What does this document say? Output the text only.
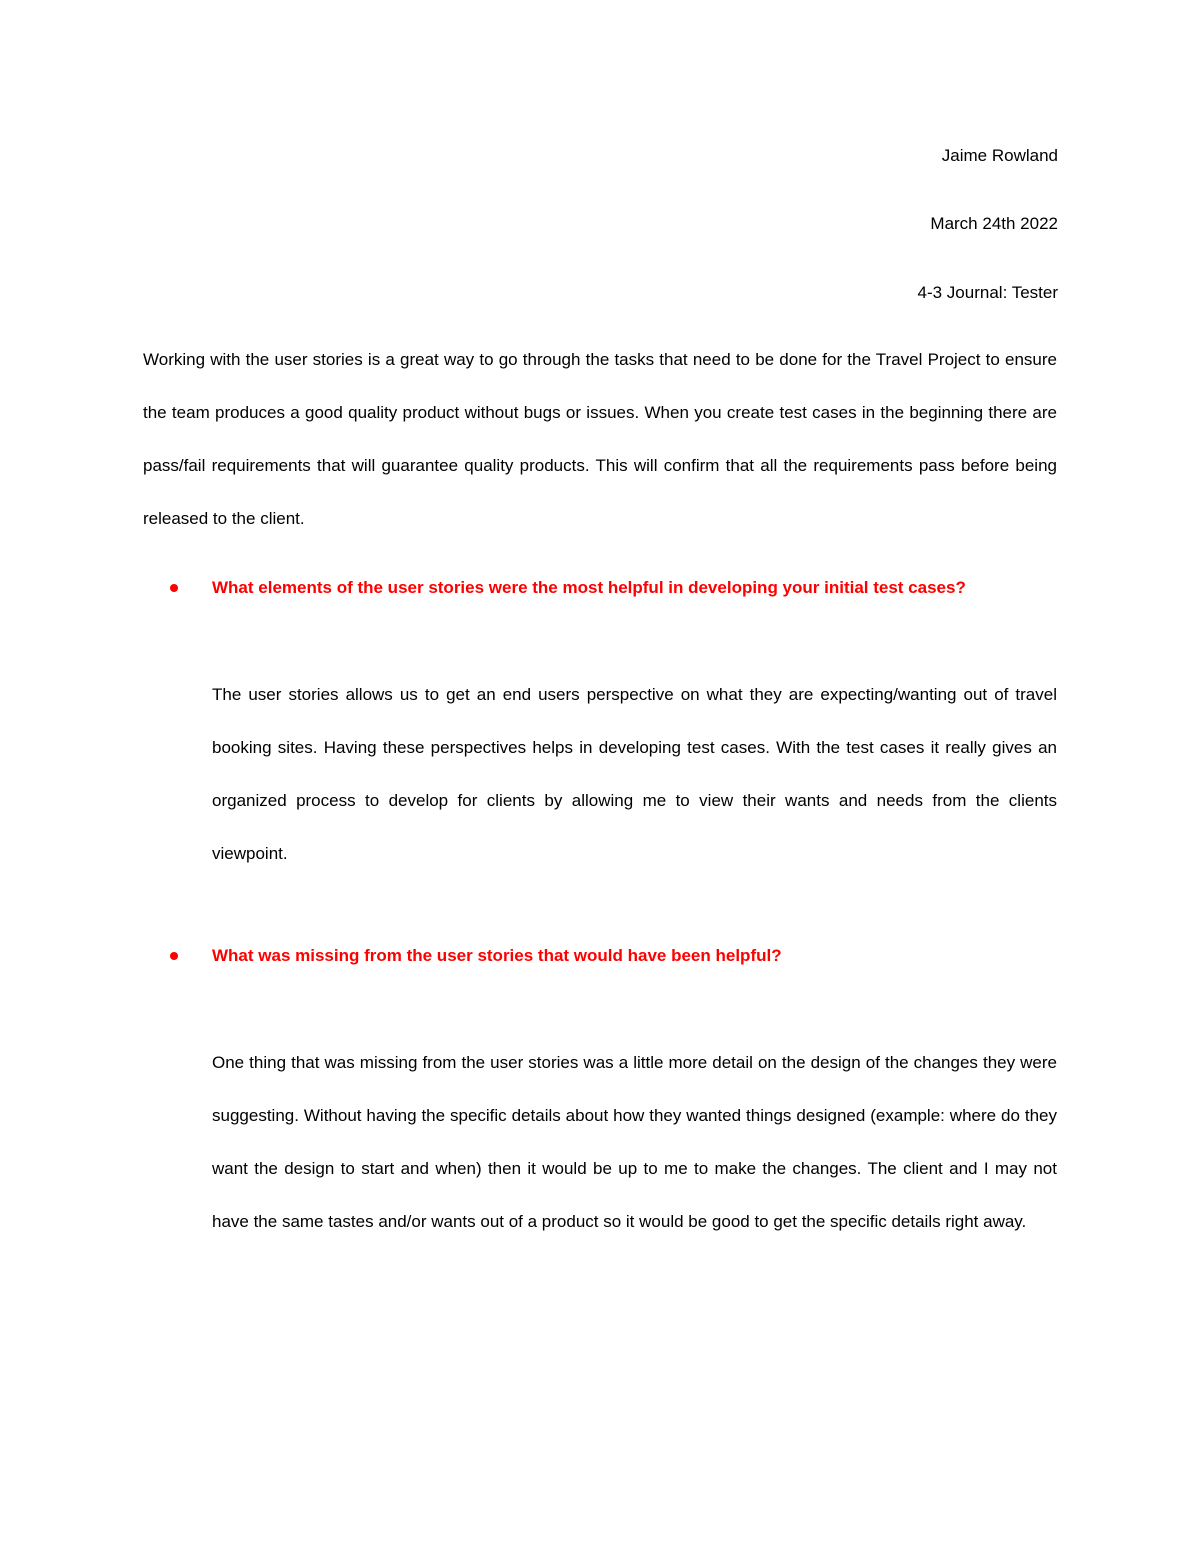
Jaime Rowland
March 24th 2022
4-3 Journal: Tester

Working with the user stories is a great way to go through the tasks that need to be done for the Travel Project to ensure the team produces a good quality product without bugs or issues. When you create test cases in the beginning there are pass/fail requirements that will guarantee quality products. This will confirm that all the requirements pass before being released to the client.

What elements of the user stories were the most helpful in developing your initial test cases?

The user stories allows us to get an end users perspective on what they are expecting/wanting out of travel booking sites. Having these perspectives helps in developing test cases. With the test cases it really gives an organized process to develop for clients by allowing me to view their wants and needs from the clients viewpoint.

What was missing from the user stories that would have been helpful?

One thing that was missing from the user stories was a little more detail on the design of the changes they were suggesting. Without having the specific details about how they wanted things designed (example: where do they want the design to start and when) then it would be up to me to make the changes. The client and I may not have the same tastes and/or wants out of a product so it would be good to get the specific details right away.
